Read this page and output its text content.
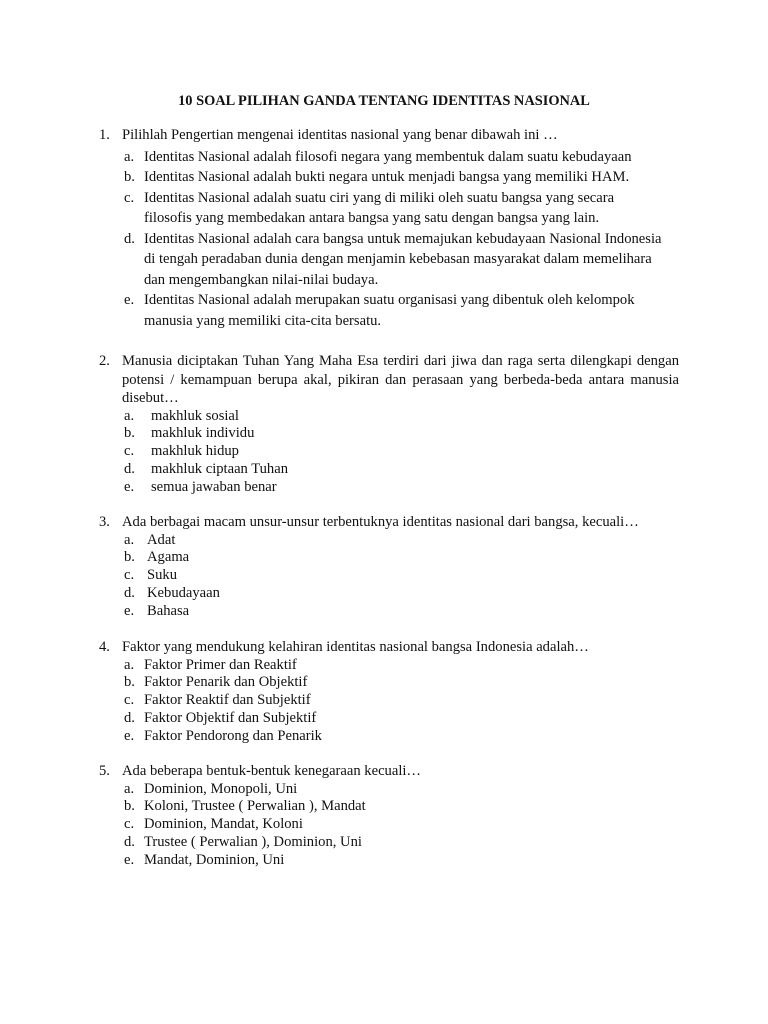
10 SOAL PILIHAN GANDA TENTANG IDENTITAS NASIONAL
1. Pilihlah Pengertian mengenai identitas nasional yang benar dibawah ini …
a. Identitas Nasional adalah filosofi negara yang membentuk dalam suatu kebudayaan
b. Identitas Nasional adalah bukti negara untuk menjadi bangsa yang memiliki HAM.
c. Identitas Nasional adalah suatu ciri yang di miliki oleh suatu bangsa yang secara filosofis yang membedakan antara bangsa yang satu dengan bangsa yang lain.
d. Identitas Nasional adalah cara bangsa untuk memajukan kebudayaan Nasional Indonesia di tengah peradaban dunia dengan menjamin kebebasan masyarakat dalam memelihara dan mengembangkan nilai-nilai budaya.
e. Identitas Nasional adalah merupakan suatu organisasi yang dibentuk oleh kelompok manusia yang memiliki cita-cita bersatu.
2. Manusia diciptakan Tuhan Yang Maha Esa terdiri dari jiwa dan raga serta dilengkapi dengan potensi / kemampuan berupa akal, pikiran dan perasaan yang berbeda-beda antara manusia disebut…
a. makhluk sosial
b. makhluk individu
c. makhluk hidup
d. makhluk ciptaan Tuhan
e. semua jawaban benar
3. Ada berbagai macam unsur-unsur terbentuknya identitas nasional dari bangsa, kecuali…
a. Adat
b. Agama
c. Suku
d. Kebudayaan
e. Bahasa
4. Faktor yang mendukung kelahiran identitas nasional bangsa Indonesia adalah…
a. Faktor Primer dan Reaktif
b. Faktor Penarik dan Objektif
c. Faktor Reaktif dan Subjektif
d. Faktor Objektif dan Subjektif
e. Faktor Pendorong dan Penarik
5. Ada beberapa bentuk-bentuk kenegaraan kecuali…
a. Dominion, Monopoli, Uni
b. Koloni, Trustee ( Perwalian ), Mandat
c. Dominion, Mandat, Koloni
d. Trustee ( Perwalian ), Dominion, Uni
e. Mandat, Dominion, Uni
